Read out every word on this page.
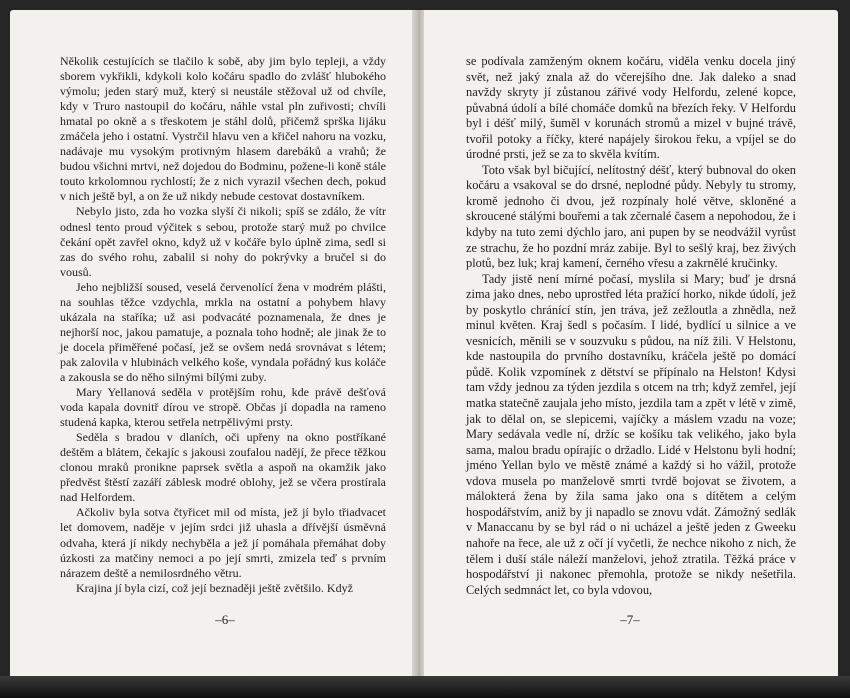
Několik cestujících se tlačilo k sobě, aby jim bylo tepleji, a vždy sborem vykřikli, kdykoli kolo kočáru spadlo do zvlášť hlubokého výmolu; jeden starý muž, který si neustále stěžoval už od chvíle, kdy v Truro nastoupil do kočáru, náhle vstal pln zuřivosti; chvíli hmatal po okně a s třeskotem je stáhl dolů, přičemž sprška lijáku zmáčela jeho i ostatní. Vystrčil hlavu ven a křičel nahoru na vozku, nadávaje mu vysokým protivným hlasem darebáků a vrahů; že budou všichni mrtvi, než dojedou do Bodminu, požene-li koně stále touto krkolomnou rychlostí; že z nich vyrazil všechen dech, pokud v nich ještě byl, a on že už nikdy nebude cestovat dostavníkem.

Nebylo jisto, zda ho vozka slyší či nikoli; spíš se zdálo, že vítr odnesl tento proud výčitek s sebou, protože starý muž po chvilce čekání opět zavřel okno, když už v kočáře bylo úplně zima, sedl si zas do svého rohu, zabalil si nohy do pokrývky a bručel si do vousů.

Jeho nejbližší soused, veselá červenolící žena v modrém plášti, na souhlas těžce vzdychla, mrkla na ostatní a pohybem hlavy ukázala na staříka; už asi podvacáté poznamenala, že dnes je nejhorší noc, jakou pamatuje, a poznala toho hodně; ale jinak že to je docela přiměřené počasí, jež se ovšem nedá srovnávat s létem; pak zalovila v hlubinách velkého koše, vyndala pořádný kus koláče a zakousla se do něho silnými bílými zuby.

Mary Yellanová seděla v protějším rohu, kde právě dešťová voda kapala dovnitř dírou ve stropě. Občas jí dopadla na rameno studená kapka, kterou setřela netrpělivými prsty.

Seděla s bradou v dlaních, oči upřeny na okno postříkané deštěm a blátem, čekajíc s jakousi zoufalou nadějí, že přece těžkou clonou mraků pronikne paprsek světla a aspoň na okamžik jako předvěst štěstí zazáří záblesk modré oblohy, jež se včera prostírala nad Helfordem.

Ačkoliv byla sotva čtyřicet mil od místa, jež jí bylo třiadvacet let domovem, naděje v jejím srdci již uhasla a dřívější úsměvná odvaha, která jí nikdy nechyběla a jež jí pomáhala přemáhat doby úzkosti za matčiny nemoci a po její smrti, zmizela teď s prvním nárazem deště a nemilosrdného větru.

Krajina jí byla cizí, což její beznaději ještě zvětšilo. Když

–6–

se podívala zamženým oknem kočáru, viděla venku docela jiný svět, než jaký znala až do včerejšího dne. Jak daleko a snad navždy skryty jí zůstanou zářivé vody Helfordu, zelené kopce, půvabná údolí a bílé chomáče domků na březích řeky. V Helfordu byl i déšť milý, šuměl v korunách stromů a mizel v bujné trávě, tvořil potoky a říčky, které napájely širokou řeku, a vpíjel se do úrodné prsti, jež se za to skvěla kvítím.

Toto však byl bičující, nelítostný déšť, který bubnoval do oken kočáru a vsakoval se do drsné, neplodné půdy. Nebyly tu stromy, kromě jednoho či dvou, jež rozpínaly holé větve, skloněné a skroucené stálými bouřemi a tak zčernalé časem a nepohodou, že i kdyby na tuto zemi dýchlo jaro, ani pupen by se neodvážil vyrůst ze strachu, že ho pozdní mráz zabije. Byl to sešlý kraj, bez živých plotů, bez luk; kraj kamení, černého vřesu a zakrnělé kručinky.

Tady jistě není mírné počasí, myslila si Mary; buď je drsná zima jako dnes, nebo uprostřed léta pražící horko, nikde údolí, jež by poskytlo chránící stín, jen tráva, jež zežloutla a zhnědla, než minul květen. Kraj šedl s počasím. I lidé, bydlící u silnice a ve vesnicích, měnili se v souzvuku s půdou, na níž žili. V Helstonu, kde nastoupila do prvního dostavníku, kráčela ještě po domácí půdě. Kolik vzpomínek z dětství se přípínalo na Helston! Kdysi tam vždy jednou za týden jezdila s otcem na trh; když zemřel, její matka statečně zaujala jeho místo, jezdila tam a zpět v létě v zimě, jak to dělal on, se slepicemi, vajíčky a máslem vzadu na voze; Mary sedávala vedle ní, držíc se košíku tak velikého, jako byla sama, malou bradu opírajíc o držadlo. Lidé v Helstonu byli hodní; jméno Yellan bylo ve městě známé a každý si ho vážil, protože vdova musela po manželově smrti tvrdě bojovat se životem, a málokterá žena by žila sama jako ona s dítětem a celým hospodářstvím, aniž by ji napadlo se znovu vdát. Zámožný sedlák v Manaccanu by se byl rád o ni ucházel a ještě jeden z Gweeku nahoře na řece, ale už z očí jí vyčetli, že nechce nikoho z nich, že tělem i duší stále náleží manželovi, jehož ztratila. Těžká práce v hospodářství ji nakonec přemohla, protože se nikdy nešetřila. Celých sedmnáct let, co byla vdovou,

–7–
